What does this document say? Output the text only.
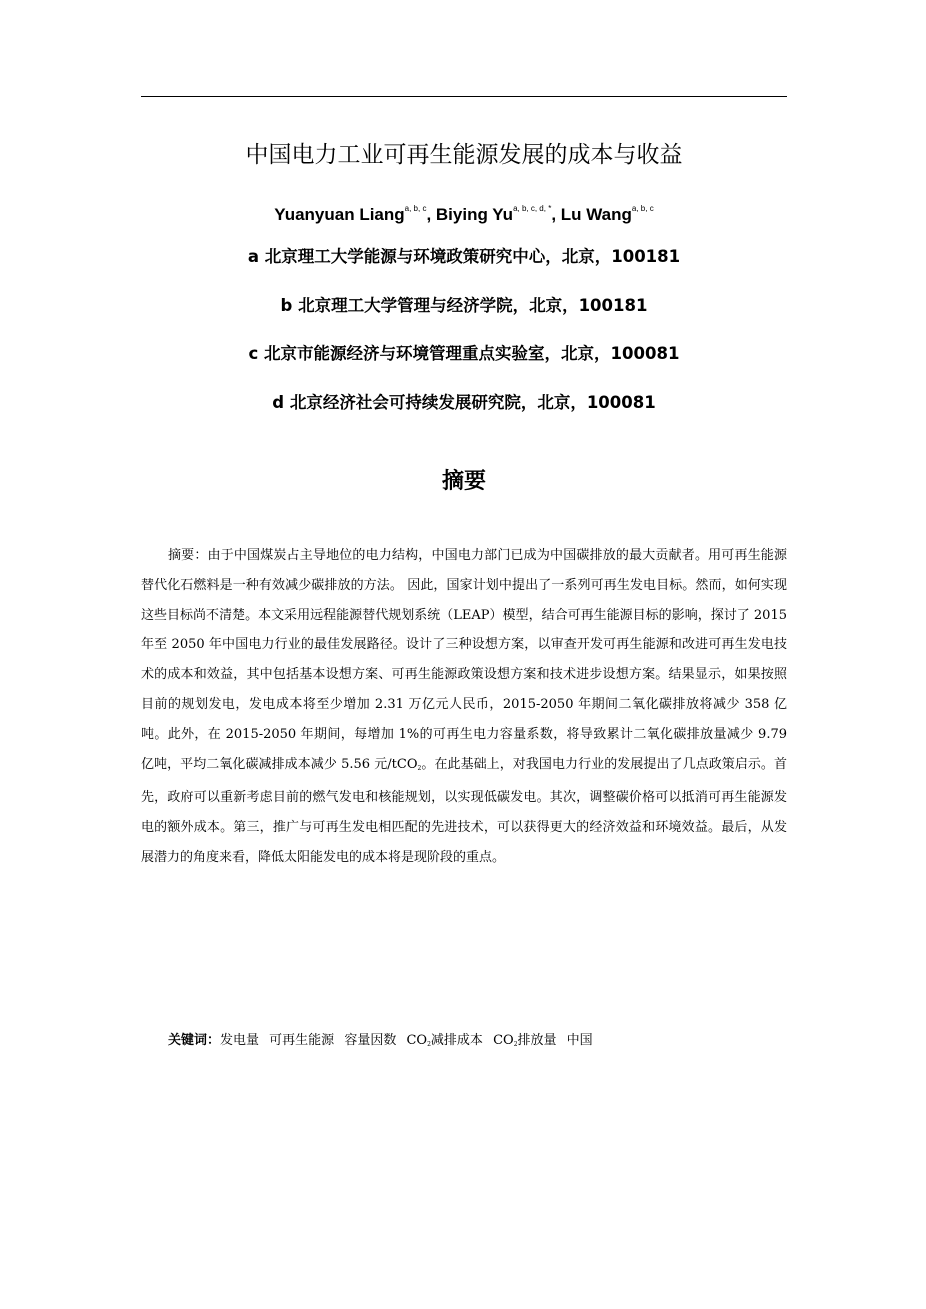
中国电力工业可再生能源发展的成本与收益
Yuanyuan Liang$^{a, b, c}$, Biying $Yu^{a, b, c, d, *}$, Lu Wang$^{a, b, c}$
a 北京理工大学能源与环境政策研究中心，北京，100181
b 北京理工大学管理与经济学院，北京，100181
c 北京市能源经济与环境管理重点实验室，北京，100081
d 北京经济社会可持续发展研究院，北京，100081
摘要

摘要：由于中国煤炭占主导地位的电力结构，中国电力部门已成为中国碳排放的最大贡献者。用可再生能源替代化石燃料是一种有效减少碳排放的方法。 因此，国家计划中提出了一系列可再生发电目标。然而，如何实现这些目标尚不清楚。本文采用远程能源替代规划系统（LEAP）模型，结合可再生能源目标的影响，探讨了 2015 年至 2050 年中国电力行业的最佳发展路径。设计了三种设想方案，以审查开发可再生能源和改进可再生发电技术的成本和效益，其中包括基本设想方案、可再生能源政策设想方案和技术进步设想方案。结果显示，如果按照目前的规划发电，发电成本将至少增加 2.31 万亿元人民币，2015-2050 年期间二氧化碳排放将减少 358 亿吨。此外，在 2015-2050 年期间，每增加 1%的可再生电力容量系数，将导致累计二氧化碳排放量减少 9.79 亿吨，平均二氧化碳减排成本减少 5.56 元/tCO$_2$。在此基础上，对我国电力行业的发展提出了几点政策启示。首先，政府可以重新考虑目前的燃气发电和核能规划，以实现低碳发电。其次，调整碳价格可以抵消可再生能源发电的额外成本。第三，推广与可再生发电相匹配的先进技术，可以获得更大的经济效益和环境效益。最后，从发展潜力的角度来看，降低太阳能发电的成本将是现阶段的重点。

关键词：发电量 可再生能源 容量因数 $CO_2$减排成本 $CO_2$排放量 中国
